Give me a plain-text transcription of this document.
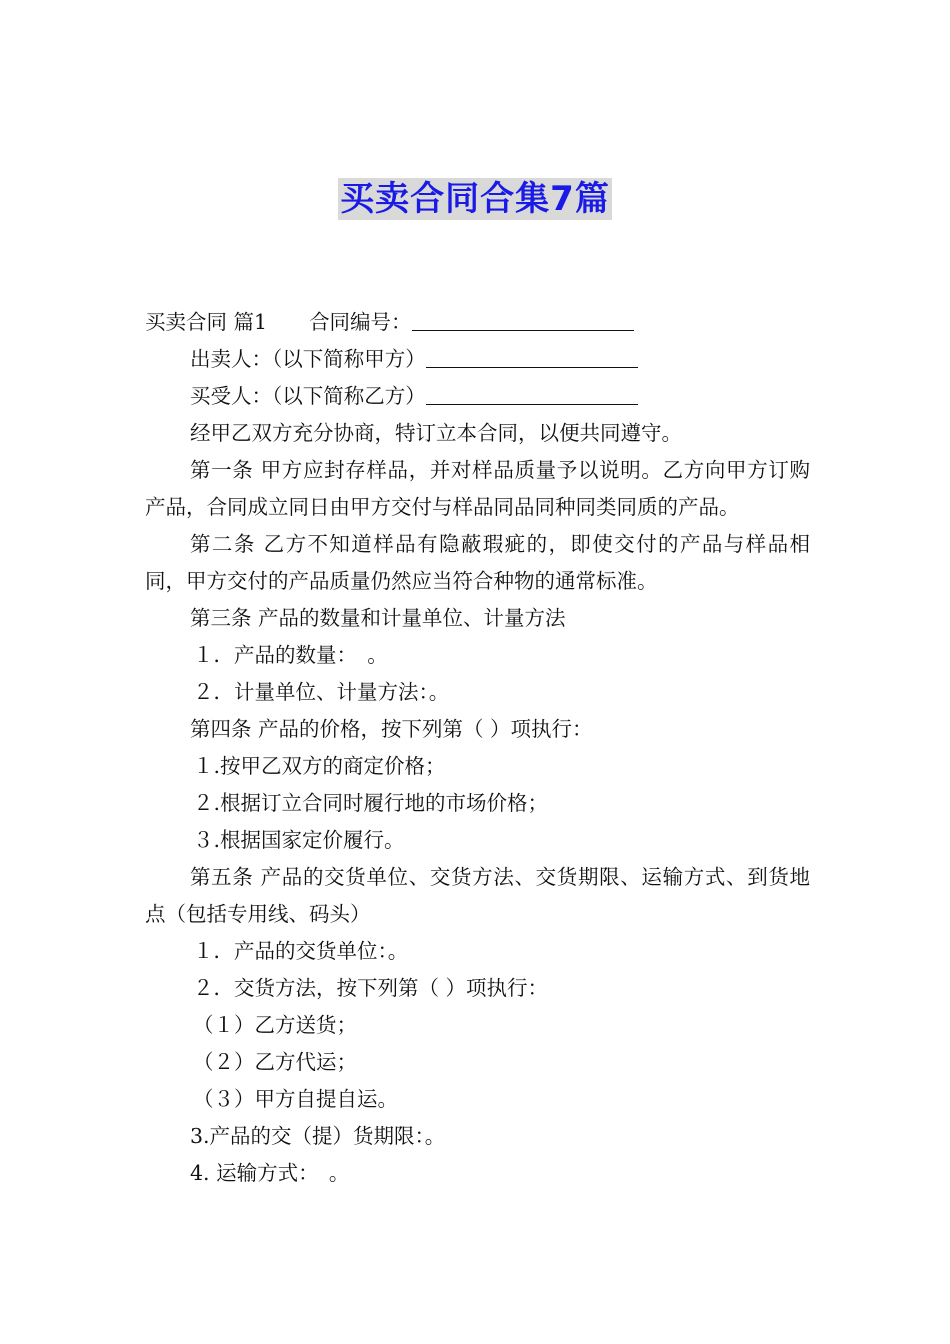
买卖合同合集7篇

买卖合同 篇1 合同编号：

出卖人：（以下简称甲方）

买受人：（以下简称乙方）

经甲乙双方充分协商，特订立本合同，以便共同遵守。

第一条 甲方应封存样品，并对样品质量予以说明。乙方向甲方订购产品，合同成立同日由甲方交付与样品同品同种同类同质的产品。

第二条 乙方不知道样品有隐蔽瑕疵的，即使交付的产品与样品相同，甲方交付的产品质量仍然应当符合种物的通常标准。

第三条 产品的数量和计量单位、计量方法

１．产品的数量：　。

２．计量单位、计量方法：。

第四条 产品的价格，按下列第（ ）项执行：

１.按甲乙双方的商定价格；

２.根据订立合同时履行地的市场价格；

３.根据国家定价履行。

第五条 产品的交货单位、交货方法、交货期限、运输方式、到货地点（包括专用线、码头）

１．产品的交货单位：。

２．交货方法，按下列第（ ）项执行：

（１）乙方送货；

（２）乙方代运；

（３）甲方自提自运。

3.产品的交（提）货期限：。

4. 运输方式：　。
